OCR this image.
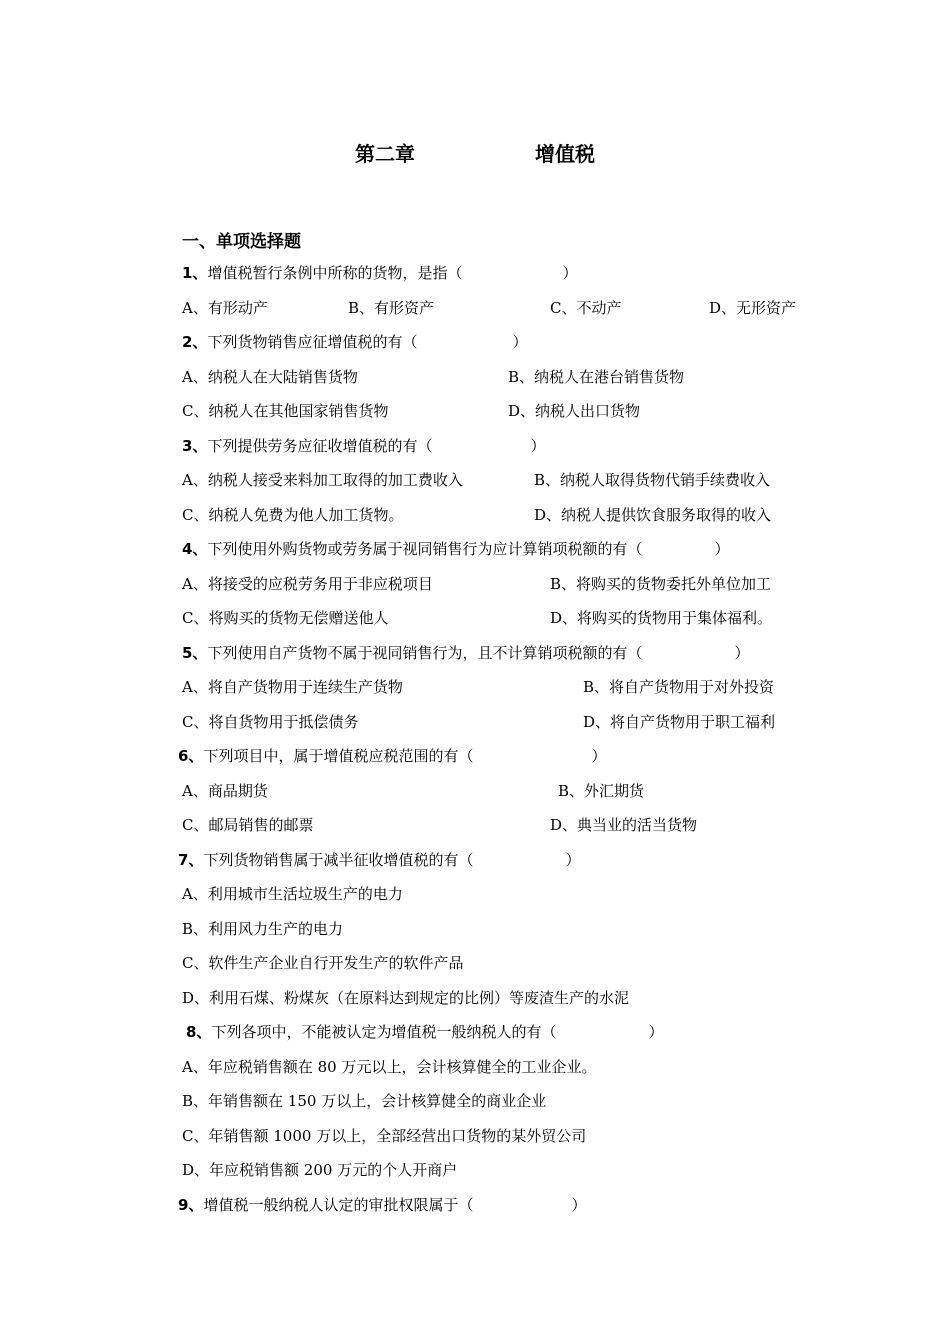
第二章	增值税
一、单项选择题
1、增值税暂行条例中所称的货物，是指（	）
A、有形动产	B、有形资产	C、不动产	D、无形资产
2、下列货物销售应征增值税的有（	）
A、纳税人在大陆销售货物	B、纳税人在港台销售货物
C、纳税人在其他国家销售货物	D、纳税人出口货物
3、下列提供劳务应征收增值税的有（	）
A、纳税人接受来料加工取得的加工费收入	B、纳税人取得货物代销手续费收入
C、纳税人免费为他人加工货物。	D、纳税人提供饮食服务取得的收入
4、下列使用外购货物或劳务属于视同销售行为应计算销项税额的有（	）
A、将接受的应税劳务用于非应税项目	B、将购买的货物委托外单位加工
C、将购买的货物无偿赠送他人	D、将购买的货物用于集体福利。
5、下列使用自产货物不属于视同销售行为，且不计算销项税额的有（	）
A、将自产货物用于连续生产货物	B、将自产货物用于对外投资
C、将自货物用于抵偿债务	D、将自产货物用于职工福利
6、下列项目中，属于增值税应税范围的有（	）
A、商品期货	B、外汇期货
C、邮局销售的邮票	D、典当业的活当货物
7、下列货物销售属于减半征收增值税的有（	）
A、利用城市生活垃圾生产的电力
B、利用风力生产的电力
C、软件生产企业自行开发生产的软件产品
D、利用石煤、粉煤灰（在原料达到规定的比例）等废渣生产的水泥
8、下列各项中，不能被认定为增值税一般纳税人的有（	）
A、年应税销售额在 80 万元以上，会计核算健全的工业企业。
B、年销售额在 150 万以上，会计核算健全的商业企业
C、年销售额 1000 万以上，全部经营出口货物的某外贸公司
D、年应税销售额 200 万元的个人开商户
9、增值税一般纳税人认定的审批权限属于（	）
